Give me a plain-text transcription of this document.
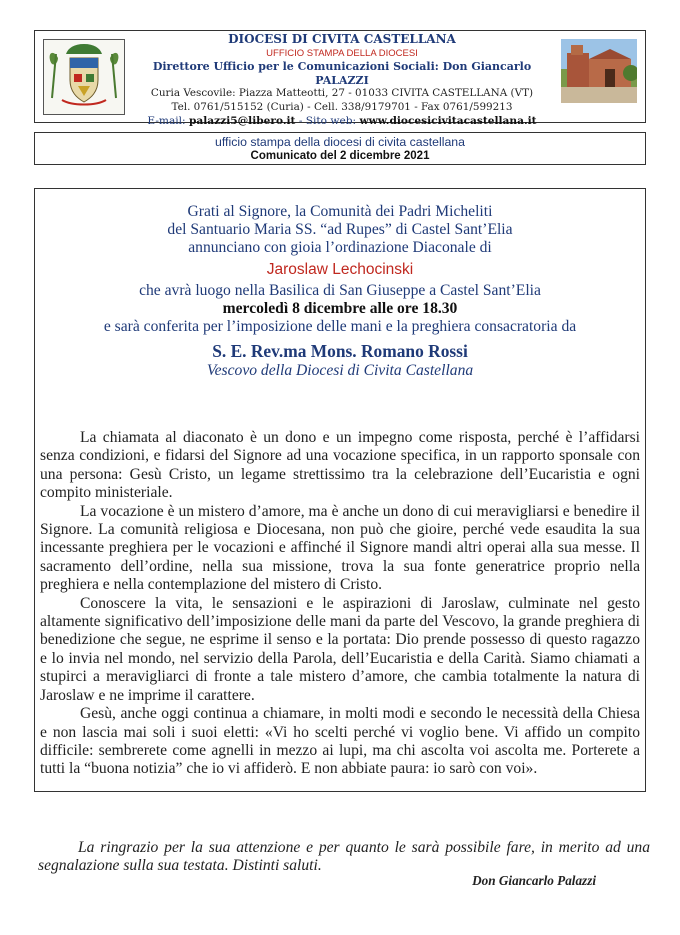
DIOCESI DI CIVITA CASTELLANA
UFFICIO STAMPA DELLA DIOCESI
Direttore Ufficio per le Comunicazioni Sociali: Don Giancarlo PALAZZI
Curia Vescovile: Piazza Matteotti, 27 - 01033 CIVITA CASTELLANA (VT)
Tel. 0761/515152 (Curia) - Cell. 338/9179701 - Fax 0761/599213
E-mail: palazzi5@libero.it - Sito web: www.diocesicivitacastellana.it
ufficio stampa della diocesi di civita castellana
Comunicato del 2 dicembre 2021
Grati al Signore, la Comunità dei Padri Micheliti
del Santuario Maria SS. “ad Rupes” di Castel Sant’Elia
annunciano con gioia l’ordinazione Diaconale di
Jaroslaw Lechocinski
che avrà luogo nella Basilica di San Giuseppe a Castel Sant’Elia
mercoledì 8 dicembre alle ore 18.30
e sarà conferita per l’imposizione delle mani e la preghiera consacratoria da
S. E. Rev.ma Mons. Romano Rossi
Vescovo della Diocesi di Civita Castellana

La chiamata al diaconato è un dono e un impegno come risposta, perché è l’affidarsi senza condizioni, e fidarsi del Signore ad una vocazione specifica, in un rapporto sponsale con una persona: Gesù Cristo, un legame strettissimo tra la celebrazione dell’Eucaristia e ogni compito ministeriale.

La vocazione è un mistero d’amore, ma è anche un dono di cui meravigliarsi e benedire il Signore. La comunità religiosa e Diocesana, non può che gioire, perché vede esaudita la sua incessante preghiera per le vocazioni e affinché il Signore mandi altri operai alla sua messe. Il sacramento dell’ordine, nella sua missione, trova la sua fonte generatrice proprio nella preghiera e nella contemplazione del mistero di Cristo.

Conoscere la vita, le sensazioni e le aspirazioni di Jaroslaw, culminate nel gesto altamente significativo dell’imposizione delle mani da parte del Vescovo, la grande preghiera di benedizione che segue, ne esprime il senso e la portata: Dio prende possesso di questo ragazzo e lo invia nel mondo, nel servizio della Parola, dell’Eucaristia e della Carità. Siamo chiamati a stupirci a meravigliarci di fronte a tale mistero d’amore, che cambia totalmente la natura di Jaroslaw e ne imprime il carattere.

Gesù, anche oggi continua a chiamare, in molti modi e secondo le necessità della Chiesa e non lascia mai soli i suoi eletti: «Vi ho scelti perché vi voglio bene. Vi affido un compito difficile: sembrerete come agnelli in mezzo ai lupi, ma chi ascolta voi ascolta me. Porterete a tutti la “buona notizia” che io vi affiderò. E non abbiate paura: io sarò con voi».

La ringrazio per la sua attenzione e per quanto le sarà possibile fare, in merito ad una segnalazione sulla sua testata. Distinti saluti.

Don Giancarlo Palazzi
